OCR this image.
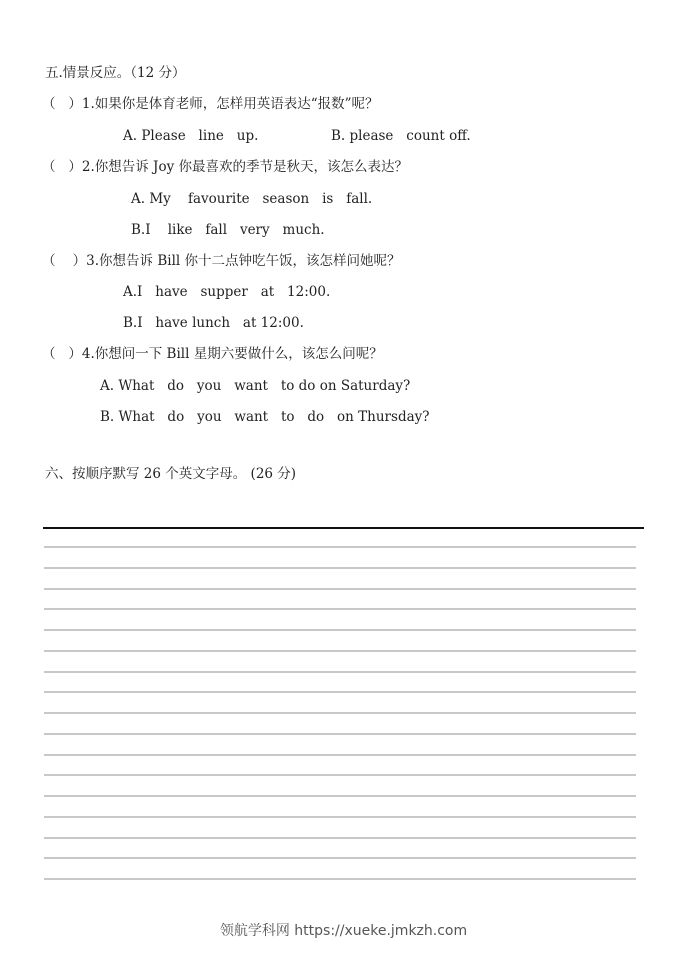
五.情景反应。（12 分）
（   ）1.如果你是体育老师，怎样用英语表达“报数”呢？
A. Please   line   up.	B. please   count off.
（   ）2.你想告诉 Joy 你最喜欢的季节是秋天，该怎么表达？
A. My    favourite   season   is   fall.
B.I    like   fall   very   much.
（    ）3.你想告诉 Bill 你十二点钟吃午饭，该怎样问她呢？
A.I   have   supper   at   12:00.
B.I   have lunch   at 12:00.
（   ）4.你想问一下 Bill 星期六要做什么，该怎么问呢？
A. What   do   you   want   to do on Saturday?
B. What   do   you   want   to   do   on Thursday?
六、按顺序默写 26 个英文字母。 (26 分)
领航学科网 https://xueke.jmkzh.com
